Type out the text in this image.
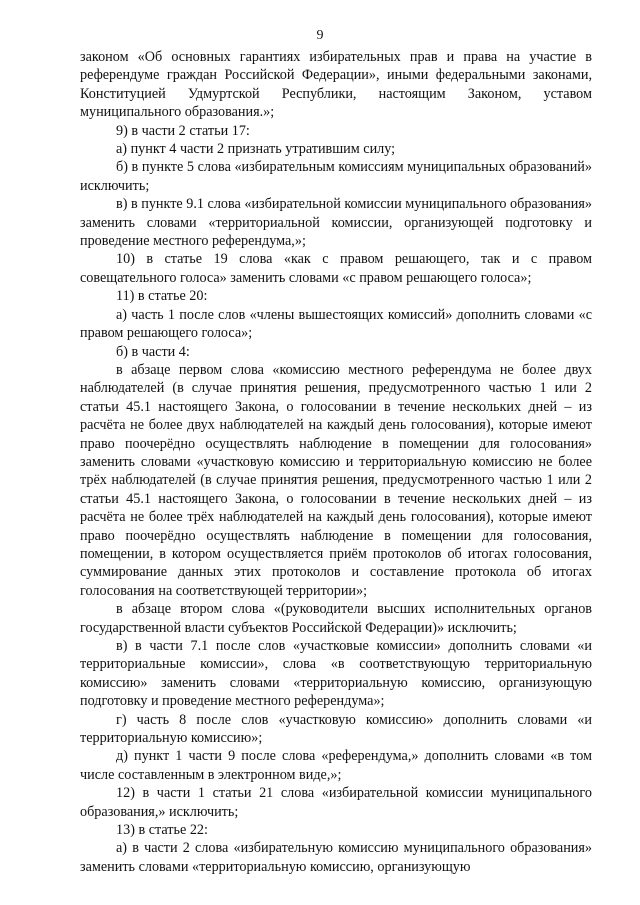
9

законом «Об основных гарантиях избирательных прав и права на участие в референдуме граждан Российской Федерации», иными федеральными законами, Конституцией Удмуртской Республики, настоящим Законом, уставом муниципального образования.»;

9) в части 2 статьи 17:

а) пункт 4 части 2 признать утратившим силу;

б) в пункте 5 слова «избирательным комиссиям муниципальных образований» исключить;

в) в пункте 9.1 слова «избирательной комиссии муниципального образования» заменить словами «территориальной комиссии, организующей подготовку и проведение местного референдума,»;

10) в статье 19 слова «как с правом решающего, так и с правом совещательного голоса» заменить словами «с правом решающего голоса»;

11) в статье 20:

а) часть 1 после слов «члены вышестоящих комиссий» дополнить словами «с правом решающего голоса»;

б) в части 4:

в абзаце первом слова «комиссию местного референдума не более двух наблюдателей (в случае принятия решения, предусмотренного частью 1 или 2 статьи 45.1 настоящего Закона, о голосовании в течение нескольких дней – из расчёта не более двух наблюдателей на каждый день голосования), которые имеют право поочерёдно осуществлять наблюдение в помещении для голосования» заменить словами «участковую комиссию и территориальную комиссию не более трёх наблюдателей (в случае принятия решения, предусмотренного частью 1 или 2 статьи 45.1 настоящего Закона, о голосовании в течение нескольких дней – из расчёта не более трёх наблюдателей на каждый день голосования), которые имеют право поочерёдно осуществлять наблюдение в помещении для голосования, помещении, в котором осуществляется приём протоколов об итогах голосования, суммирование данных этих протоколов и составление протокола об итогах голосования на соответствующей территории»;

в абзаце втором слова «(руководители высших исполнительных органов государственной власти субъектов Российской Федерации)» исключить;

в) в части 7.1 после слов «участковые комиссии» дополнить словами «и территориальные комиссии», слова «в соответствующую территориальную комиссию» заменить словами «территориальную комиссию, организующую подготовку и проведение местного референдума»;

г) часть 8 после слов «участковую комиссию» дополнить словами «и территориальную комиссию»;

д) пункт 1 части 9 после слова «референдума,» дополнить словами «в том числе составленным в электронном виде,»;

12) в части 1 статьи 21 слова «избирательной комиссии муниципального образования,» исключить;

13) в статье 22:

а) в части 2 слова «избирательную комиссию муниципального образования» заменить словами «территориальную комиссию, организующую
